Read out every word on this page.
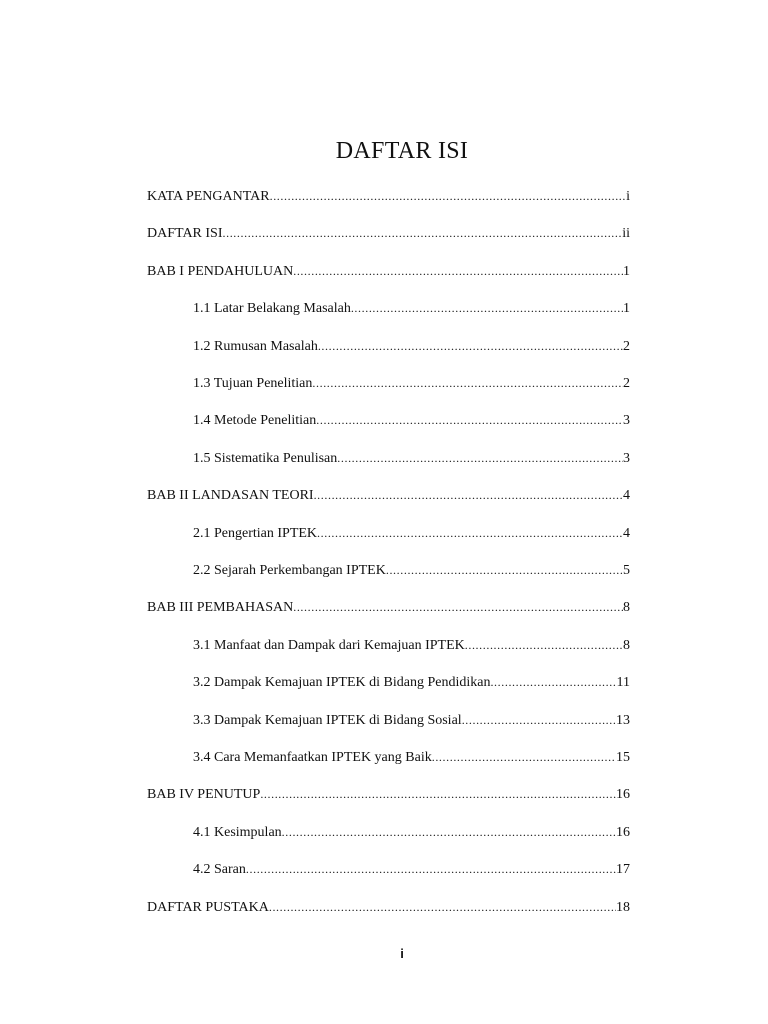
DAFTAR ISI
KATA PENGANTAR .....	i
DAFTAR ISI .....	ii
BAB I PENDAHULUAN .....	1
1.1 Latar Belakang Masalah .....	1
1.2 Rumusan Masalah .....	2
1.3 Tujuan Penelitian .....	2
1.4 Metode Penelitian .....	3
1.5 Sistematika Penulisan .....	3
BAB II LANDASAN TEORI .....	4
2.1 Pengertian IPTEK .....	4
2.2 Sejarah Perkembangan IPTEK .....	5
BAB III PEMBAHASAN .....	8
3.1 Manfaat dan Dampak dari Kemajuan IPTEK .....	8
3.2 Dampak Kemajuan IPTEK di Bidang Pendidikan .....	11
3.3 Dampak Kemajuan IPTEK di Bidang Sosial .....	13
3.4 Cara Memanfaatkan IPTEK yang Baik .....	15
BAB IV PENUTUP .....	16
4.1 Kesimpulan .....	16
4.2 Saran .....	17
DAFTAR PUSTAKA .....	18
i
